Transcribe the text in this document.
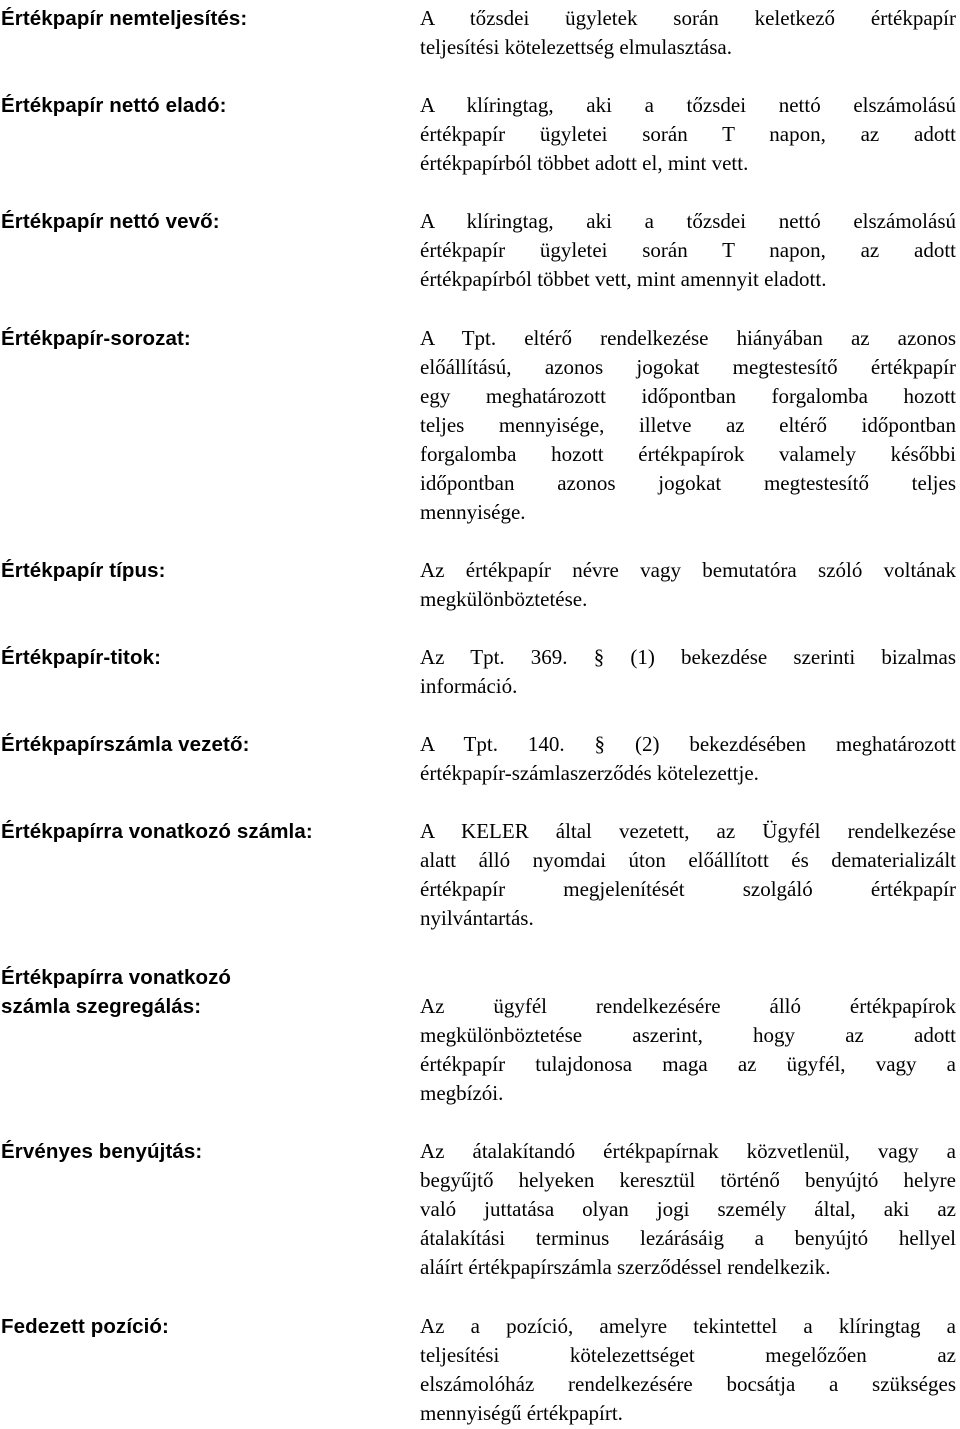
Értékpapír nemteljesítés:	A tőzsdei ügyletek során keletkező értékpapír
teljesítési kötelezettség elmulasztása.
Értékpapír nettó eladó:	A klíringtag, aki a tőzsdei nettó elszámolású
értékpapír ügyletei során T napon, az adott
értékpapírból többet adott el, mint vett.
Értékpapír nettó vevő:	A klíringtag, aki a tőzsdei nettó elszámolású
értékpapír ügyletei során T napon, az adott
értékpapírból többet vett, mint amennyit eladott.
Értékpapír-sorozat:	A Tpt. eltérő rendelkezése hiányában az azonos
előállítású, azonos jogokat megtestesítő értékpapír
egy meghatározott időpontban forgalomba hozott
teljes mennyisége, illetve az eltérő időpontban
forgalomba hozott értékpapírok valamely későbbi
időpontban azonos jogokat megtestesítő teljes
mennyisége.
Értékpapír típus:	Az értékpapír névre vagy bemutatóra szóló voltának
megkülönböztetése.
Értékpapír-titok:	Az Tpt. 369. § (1) bekezdése szerinti bizalmas
információ.
Értékpapírszámla vezető:	A Tpt. 140. § (2) bekezdésében meghatározott
értékpapír-számlaszerződés kötelezettje.
Értékpapírra vonatkozó számla:	A KELER által vezetett, az Ügyfél rendelkezése
alatt álló nyomdai úton előállított és dematerializált
értékpapír megjelenítését szolgáló értékpapír
nyilvántartás.
Értékpapírra vonatkozó
számla szegregálás:	Az ügyfél rendelkezésére álló értékpapírok
megkülönböztetése aszerint, hogy az adott
értékpapír tulajdonosa maga az ügyfél, vagy a
megbízói.
Érvényes benyújtás:	Az átalakítandó értékpapírnak közvetlenül, vagy a
begyűjtő helyeken keresztül történő benyújtó helyre
való juttatása olyan jogi személy által, aki az
átalakítási terminus lezárásáig a benyújtó hellyel
aláírt értékpapírszámla szerződéssel rendelkezik.
Fedezett pozíció:	Az a pozíció, amelyre tekintettel a klíringtag a
teljesítési kötelezettséget megelőzően az
elszámolóház rendelkezésére bocsátja a szükséges
mennyiségű értékpapírt.
